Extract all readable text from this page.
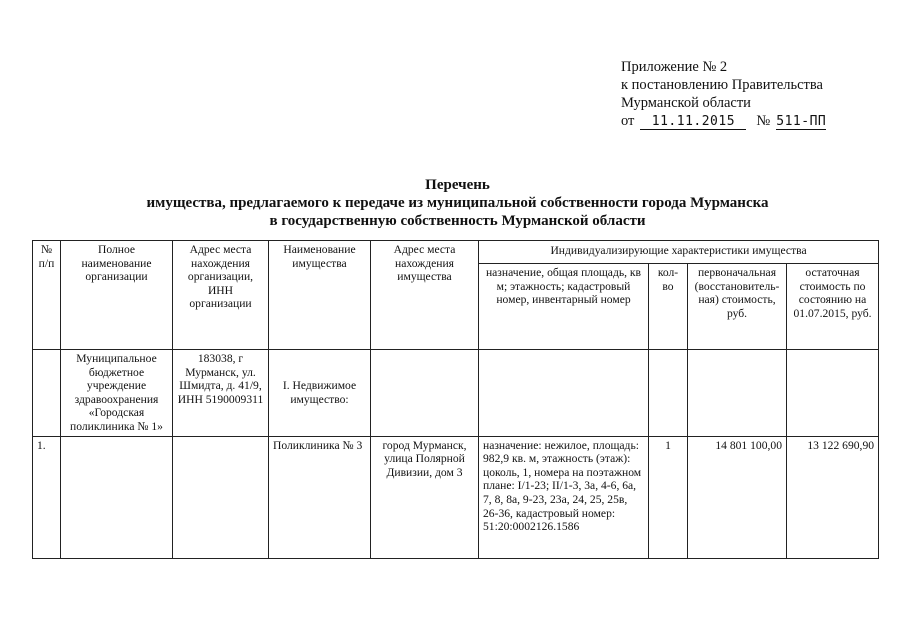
Приложение № 2
к постановлению Правительства
Мурманской области
от 11.11.2015 № 511-ПП
Перечень
имущества, предлагаемого к передаче из муниципальной собственности города Мурманска
в государственную собственность Мурманской области
№ п/п	Полное наименование организации	Адрес места нахождения организации, ИНН организации	Наименование имущества	Адрес места нахождения имущества	Индивидуализирующие характеристики имущества			
					назначение, общая площадь, кв м; этажность; кадастровый номер, инвентарный номер	кол-во	первоначальная (восстановитель-ная) стоимость, руб.	остаточная стоимость по состоянию на 01.07.2015, руб.
	Муниципальное бюджетное учреждение здравоохранения «Городская поликлиника № 1»	183038, г Мурманск, ул. Шмидта, д. 41/9, ИНН 5190009311	I. Недвижимое имущество:					
1.			Поликлиника № 3	город Мурманск, улица Полярной Дивизии, дом 3	назначение: нежилое, площадь: 982,9 кв. м, этажность (этаж): цоколь, 1, номера на поэтажном плане: I/1-23; II/1-3, 3а, 4-6, 6а, 7, 8, 8а, 9-23, 23а, 24, 25, 25в, 26-36, кадастровый номер: 51:20:0002126.1586	1	14 801 100,00	13 122 690,90
